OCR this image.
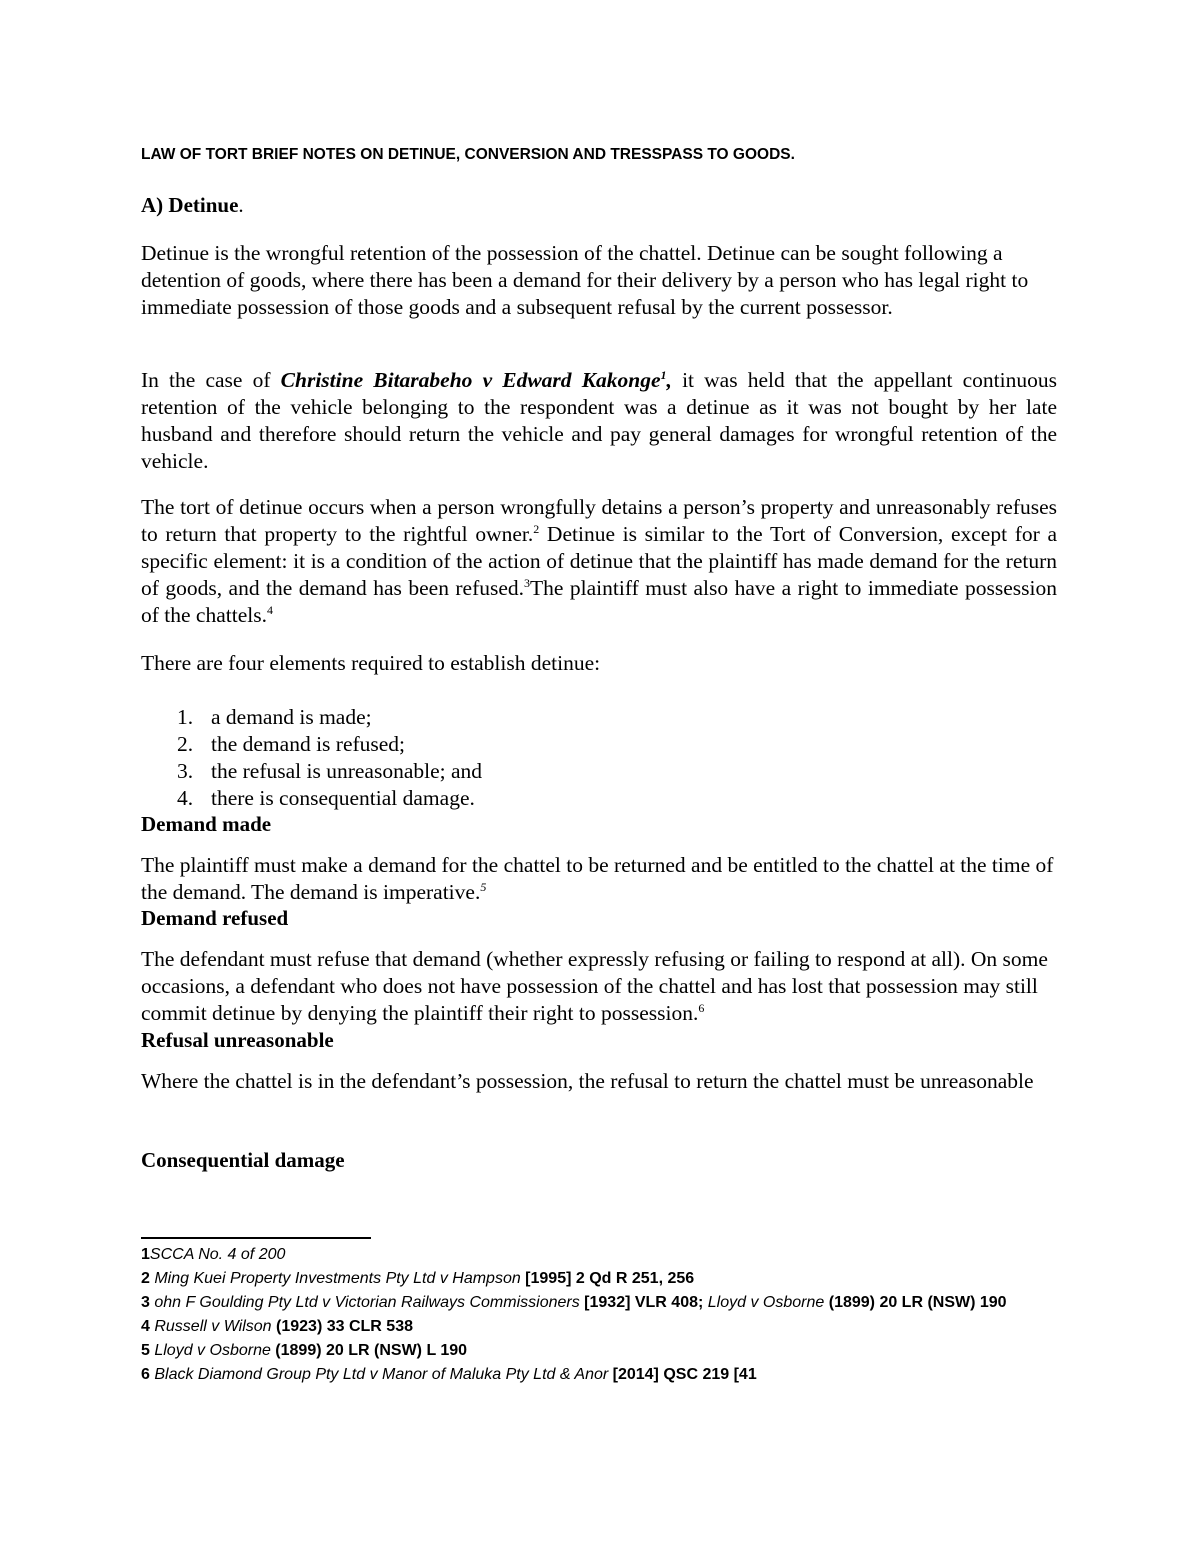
LAW OF TORT BRIEF NOTES ON DETINUE, CONVERSION AND TRESSPASS TO GOODS.
A) Detinue.

Detinue is the wrongful retention of the possession of the chattel. Detinue can be sought following a detention of goods, where there has been a demand for their delivery by a person who has legal right to immediate possession of those goods and a subsequent refusal by the current possessor.

In the case of Christine Bitarabeho v Edward Kakonge$^1$, it was held that the appellant continuous retention of the vehicle belonging to the respondent was a detinue as it was not bought by her late husband and therefore should return the vehicle and pay general damages for wrongful retention of the vehicle.

The tort of detinue occurs when a person wrongfully detains a person’s property and unreasonably refuses to return that property to the rightful owner.$^2$ Detinue is similar to the Tort of Conversion, except for a specific element: it is a condition of the action of detinue that the plaintiff has made demand for the return of goods, and the demand has been refused.$^3$The plaintiff must also have a right to immediate possession of the chattels.$^4$

There are four elements required to establish detinue:

1. a demand is made;
2. the demand is refused;
3. the refusal is unreasonable; and
4. there is consequential damage.
Demand made

The plaintiff must make a demand for the chattel to be returned and be entitled to the chattel at the time of the demand. The demand is imperative.$^5$

Demand refused

The defendant must refuse that demand (whether expressly refusing or failing to respond at all). On some occasions, a defendant who does not have possession of the chattel and has lost that possession may still commit detinue by denying the plaintiff their right to possession.$^6$

Refusal unreasonable

Where the chattel is in the defendant’s possession, the refusal to return the chattel must be unreasonable

Consequential damage

1SCCA No. 4 of 200

2 Ming Kuei Property Investments Pty Ltd v Hampson [1995] 2 Qd R 251, 256

3 ohn F Goulding Pty Ltd v Victorian Railways Commissioners [1932] VLR 408; Lloyd v Osborne (1899) 20 LR (NSW) 190

4 Russell v Wilson (1923) 33 CLR 538

5 Lloyd v Osborne (1899) 20 LR (NSW) L 190

6 Black Diamond Group Pty Ltd v Manor of Maluka Pty Ltd & Anor [2014] QSC 219 [41
